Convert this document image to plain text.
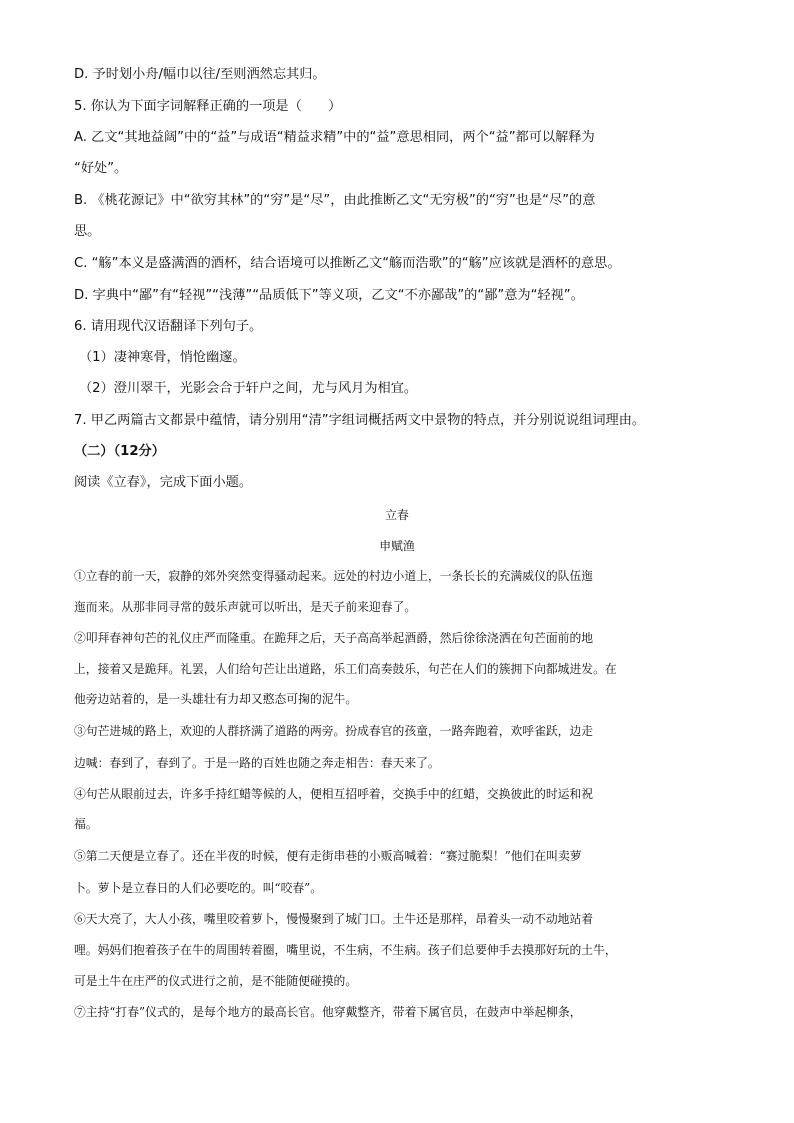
D. 予时划小舟/幅巾以往/至则洒然忘其归。
5. 你认为下面字词解释正确的一项是（　　）
A. 乙文“其地益阔”中的“益”与成语“精益求精”中的“益”意思相同，两个“益”都可以解释为
“好处”。
B. 《桃花源记》中“欲穷其林”的“穷”是“尽”，由此推断乙文“无穷极”的“穷”也是“尽”的意
思。
C. “觞”本义是盛满酒的酒杯，结合语境可以推断乙文“觞而浩歌”的“觞”应该就是酒杯的意思。
D. 字典中“鄙”有“轻视”“浅薄”“品质低下”等义项，乙文“不亦鄙哉”的“鄙”意为“轻视”。
6. 请用现代汉语翻译下列句子。
（1）凄神寒骨，悄怆幽邃。
（2）澄川翠干，光影会合于轩户之间，尤与风月为相宜。
7. 甲乙两篇古文都景中蕴情，请分别用“清”字组词概括两文中景物的特点，并分别说说组词理由。
（二）（12分）
阅读《立春》，完成下面小题。
立春
申赋渔
①立春的前一天，寂静的郊外突然变得骚动起来。远处的村边小道上，一条长长的充满威仪的队伍迤
迤而来。从那非同寻常的鼓乐声就可以听出，是天子前来迎春了。
②叩拜春神句芒的礼仪庄严而隆重。在跪拜之后，天子高高举起酒爵，然后徐徐浇洒在句芒面前的地
上，接着又是跪拜。礼罢，人们给句芒让出道路，乐工们高奏鼓乐，句芒在人们的簇拥下向都城进发。在
他旁边站着的，是一头雄壮有力却又憨态可掬的泥牛。
③句芒进城的路上，欢迎的人群挤满了道路的两旁。扮成春官的孩童，一路奔跑着，欢呼雀跃，边走
边喊：春到了，春到了。于是一路的百姓也随之奔走相告：春天来了。
④句芒从眼前过去，许多手持红蜡等候的人，便相互招呼着，交换手中的红蜡，交换彼此的时运和祝
福。
⑤第二天便是立春了。还在半夜的时候，便有走街串巷的小贩高喊着：“赛过脆梨！”他们在叫卖萝
卜。萝卜是立春日的人们必要吃的。叫“咬春”。
⑥天大亮了，大人小孩，嘴里咬着萝卜，慢慢聚到了城门口。土牛还是那样，昂着头一动不动地站着
哩。妈妈们抱着孩子在牛的周围转着圈，嘴里说，不生病，不生病。孩子们总要伸手去摸那好玩的土牛，
可是土牛在庄严的仪式进行之前，是不能随便碰摸的。
⑦主持“打春”仪式的，是每个地方的最高长官。他穿戴整齐，带着下属官员，在鼓声中举起柳条，
